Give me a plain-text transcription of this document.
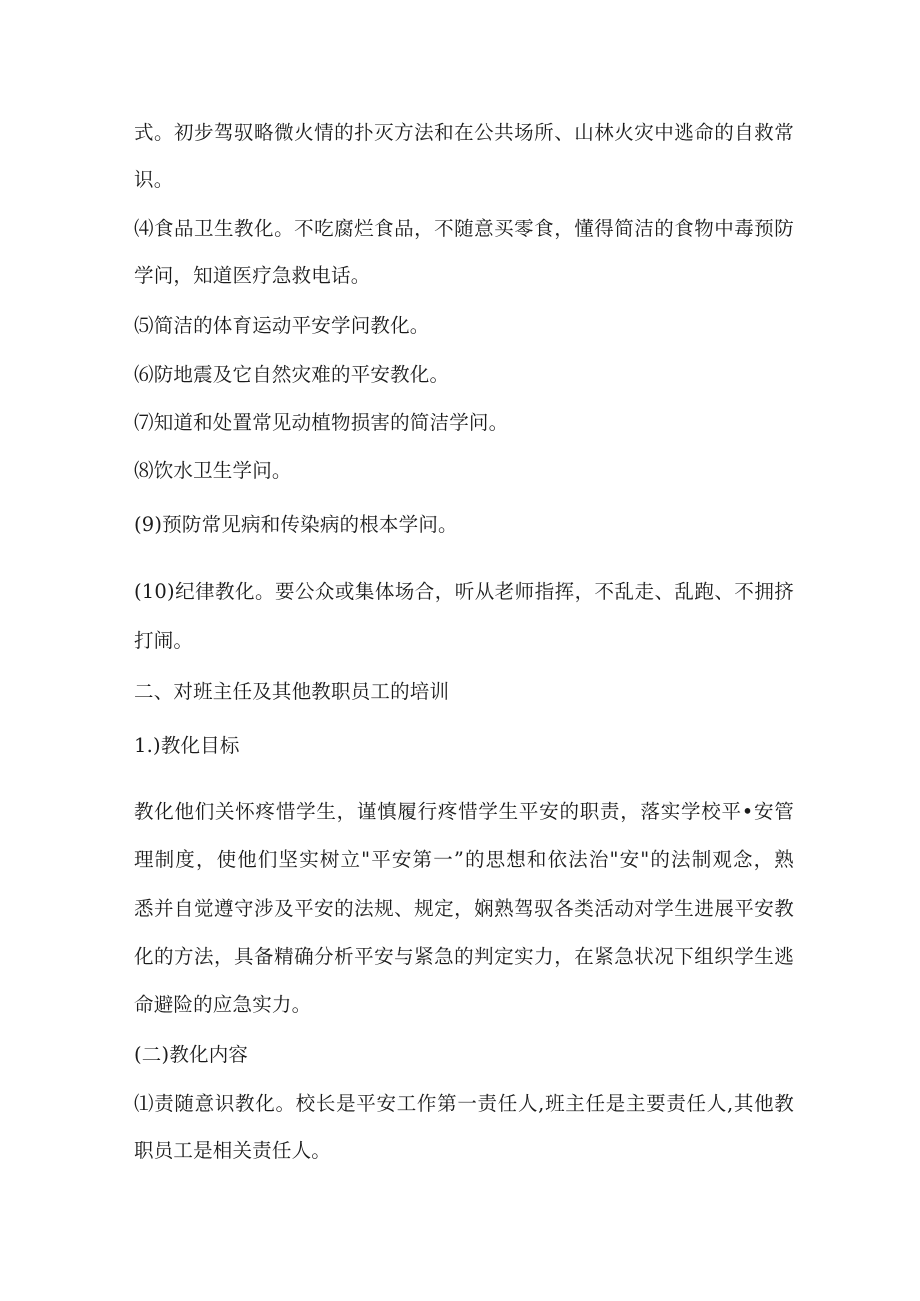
式。初步驾驭略微火情的扑灭方法和在公共场所、山林火灾中逃命的自救常
识。
⑷食品卫生教化。不吃腐烂食品，不随意买零食，懂得简洁的食物中毒预防
学问，知道医疗急救电话。
⑸简洁的体育运动平安学问教化。
⑹防地震及它自然灾难的平安教化。
⑺知道和处置常见动植物损害的简洁学问。
⑻饮水卫生学问。
(9)预防常见病和传染病的根本学问。
(10)纪律教化。要公众或集体场合，听从老师指挥，不乱走、乱跑、不拥挤
打闹。
二、对班主任及其他教职员工的培训
1.)教化目标
教化他们关怀疼惜学生，谨慎履行疼惜学生平安的职责，落实学校平•安管
理制度，使他们坚实树立"平安第一”的思想和依法治"安"的法制观念，熟
悉并自觉遵守涉及平安的法规、规定，娴熟驾驭各类活动对学生进展平安教
化的方法，具备精确分析平安与紧急的判定实力，在紧急状况下组织学生逃
命避险的应急实力。
(二)教化内容
⑴责随意识教化。校长是平安工作第一责任人,班主任是主要责任人,其他教
职员工是相关责任人。
